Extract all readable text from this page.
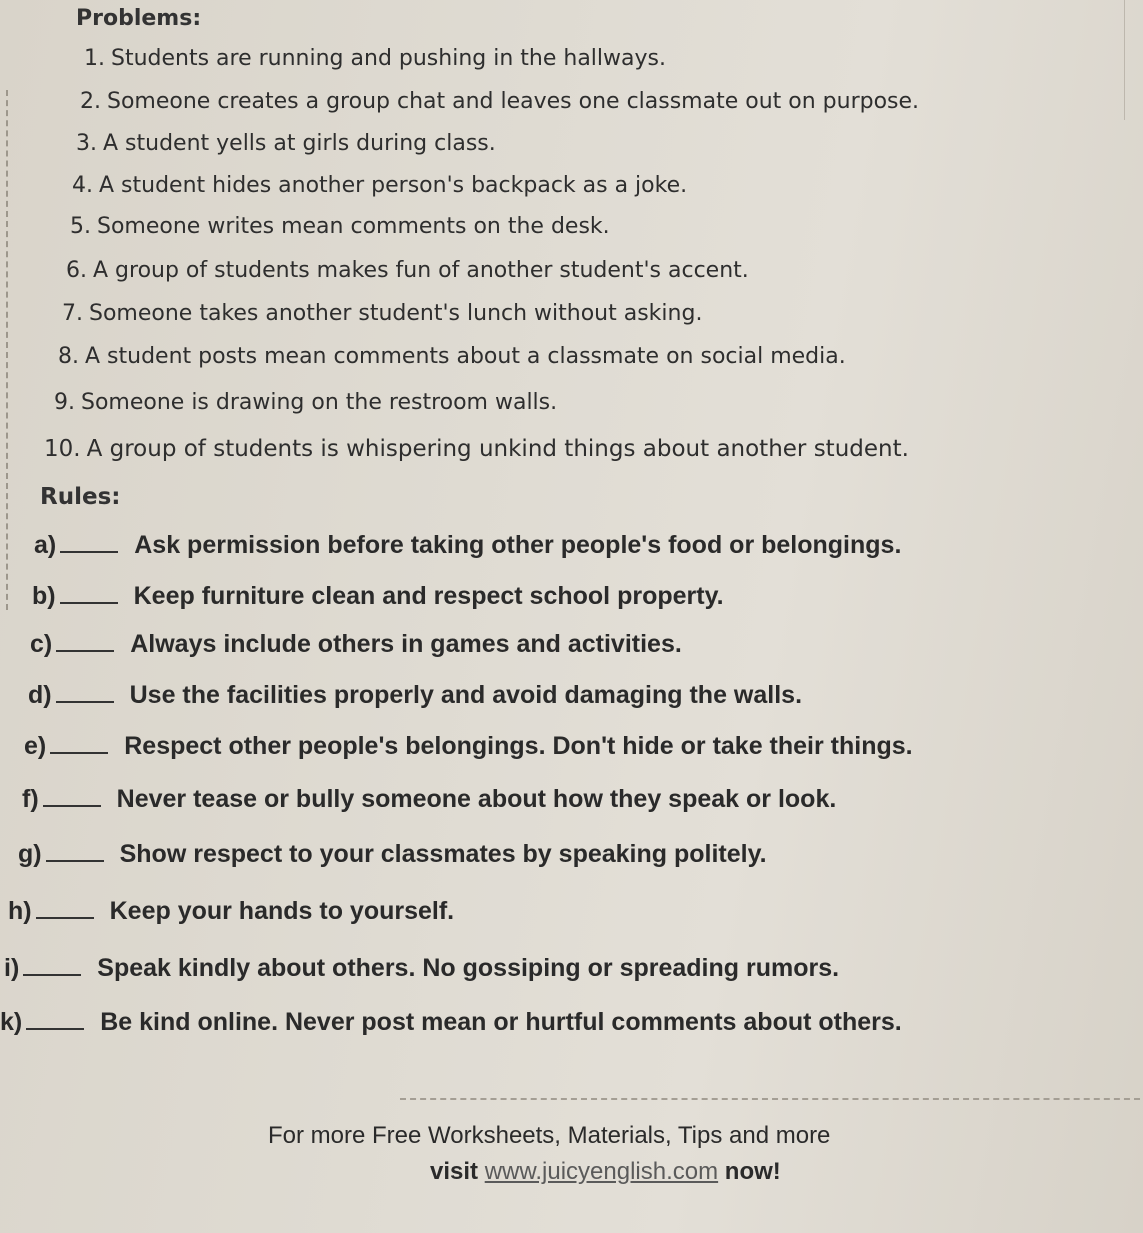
Problems:
1. Students are running and pushing in the hallways.
2. Someone creates a group chat and leaves one classmate out on purpose.
3. A student yells at girls during class.
4. A student hides another person's backpack as a joke.
5. Someone writes mean comments on the desk.
6. A group of students makes fun of another student's accent.
7. Someone takes another student's lunch without asking.
8. A student posts mean comments about a classmate on social media.
9. Someone is drawing on the restroom walls.
10. A group of students is whispering unkind things about another student.
Rules:
a)	Ask permission before taking other people's food or belongings.
b)	Keep furniture clean and respect school property.
c)	Always include others in games and activities.
d)	Use the facilities properly and avoid damaging the walls.
e)	Respect other people's belongings. Don't hide or take their things.
f)	Never tease or bully someone about how they speak or look.
g)	Show respect to your classmates by speaking politely.
h)	Keep your hands to yourself.
i)	Speak kindly about others. No gossiping or spreading rumors.
k)	Be kind online. Never post mean or hurtful comments about others.
For more Free Worksheets, Materials, Tips and more
visit www.juicyenglish.com now!
